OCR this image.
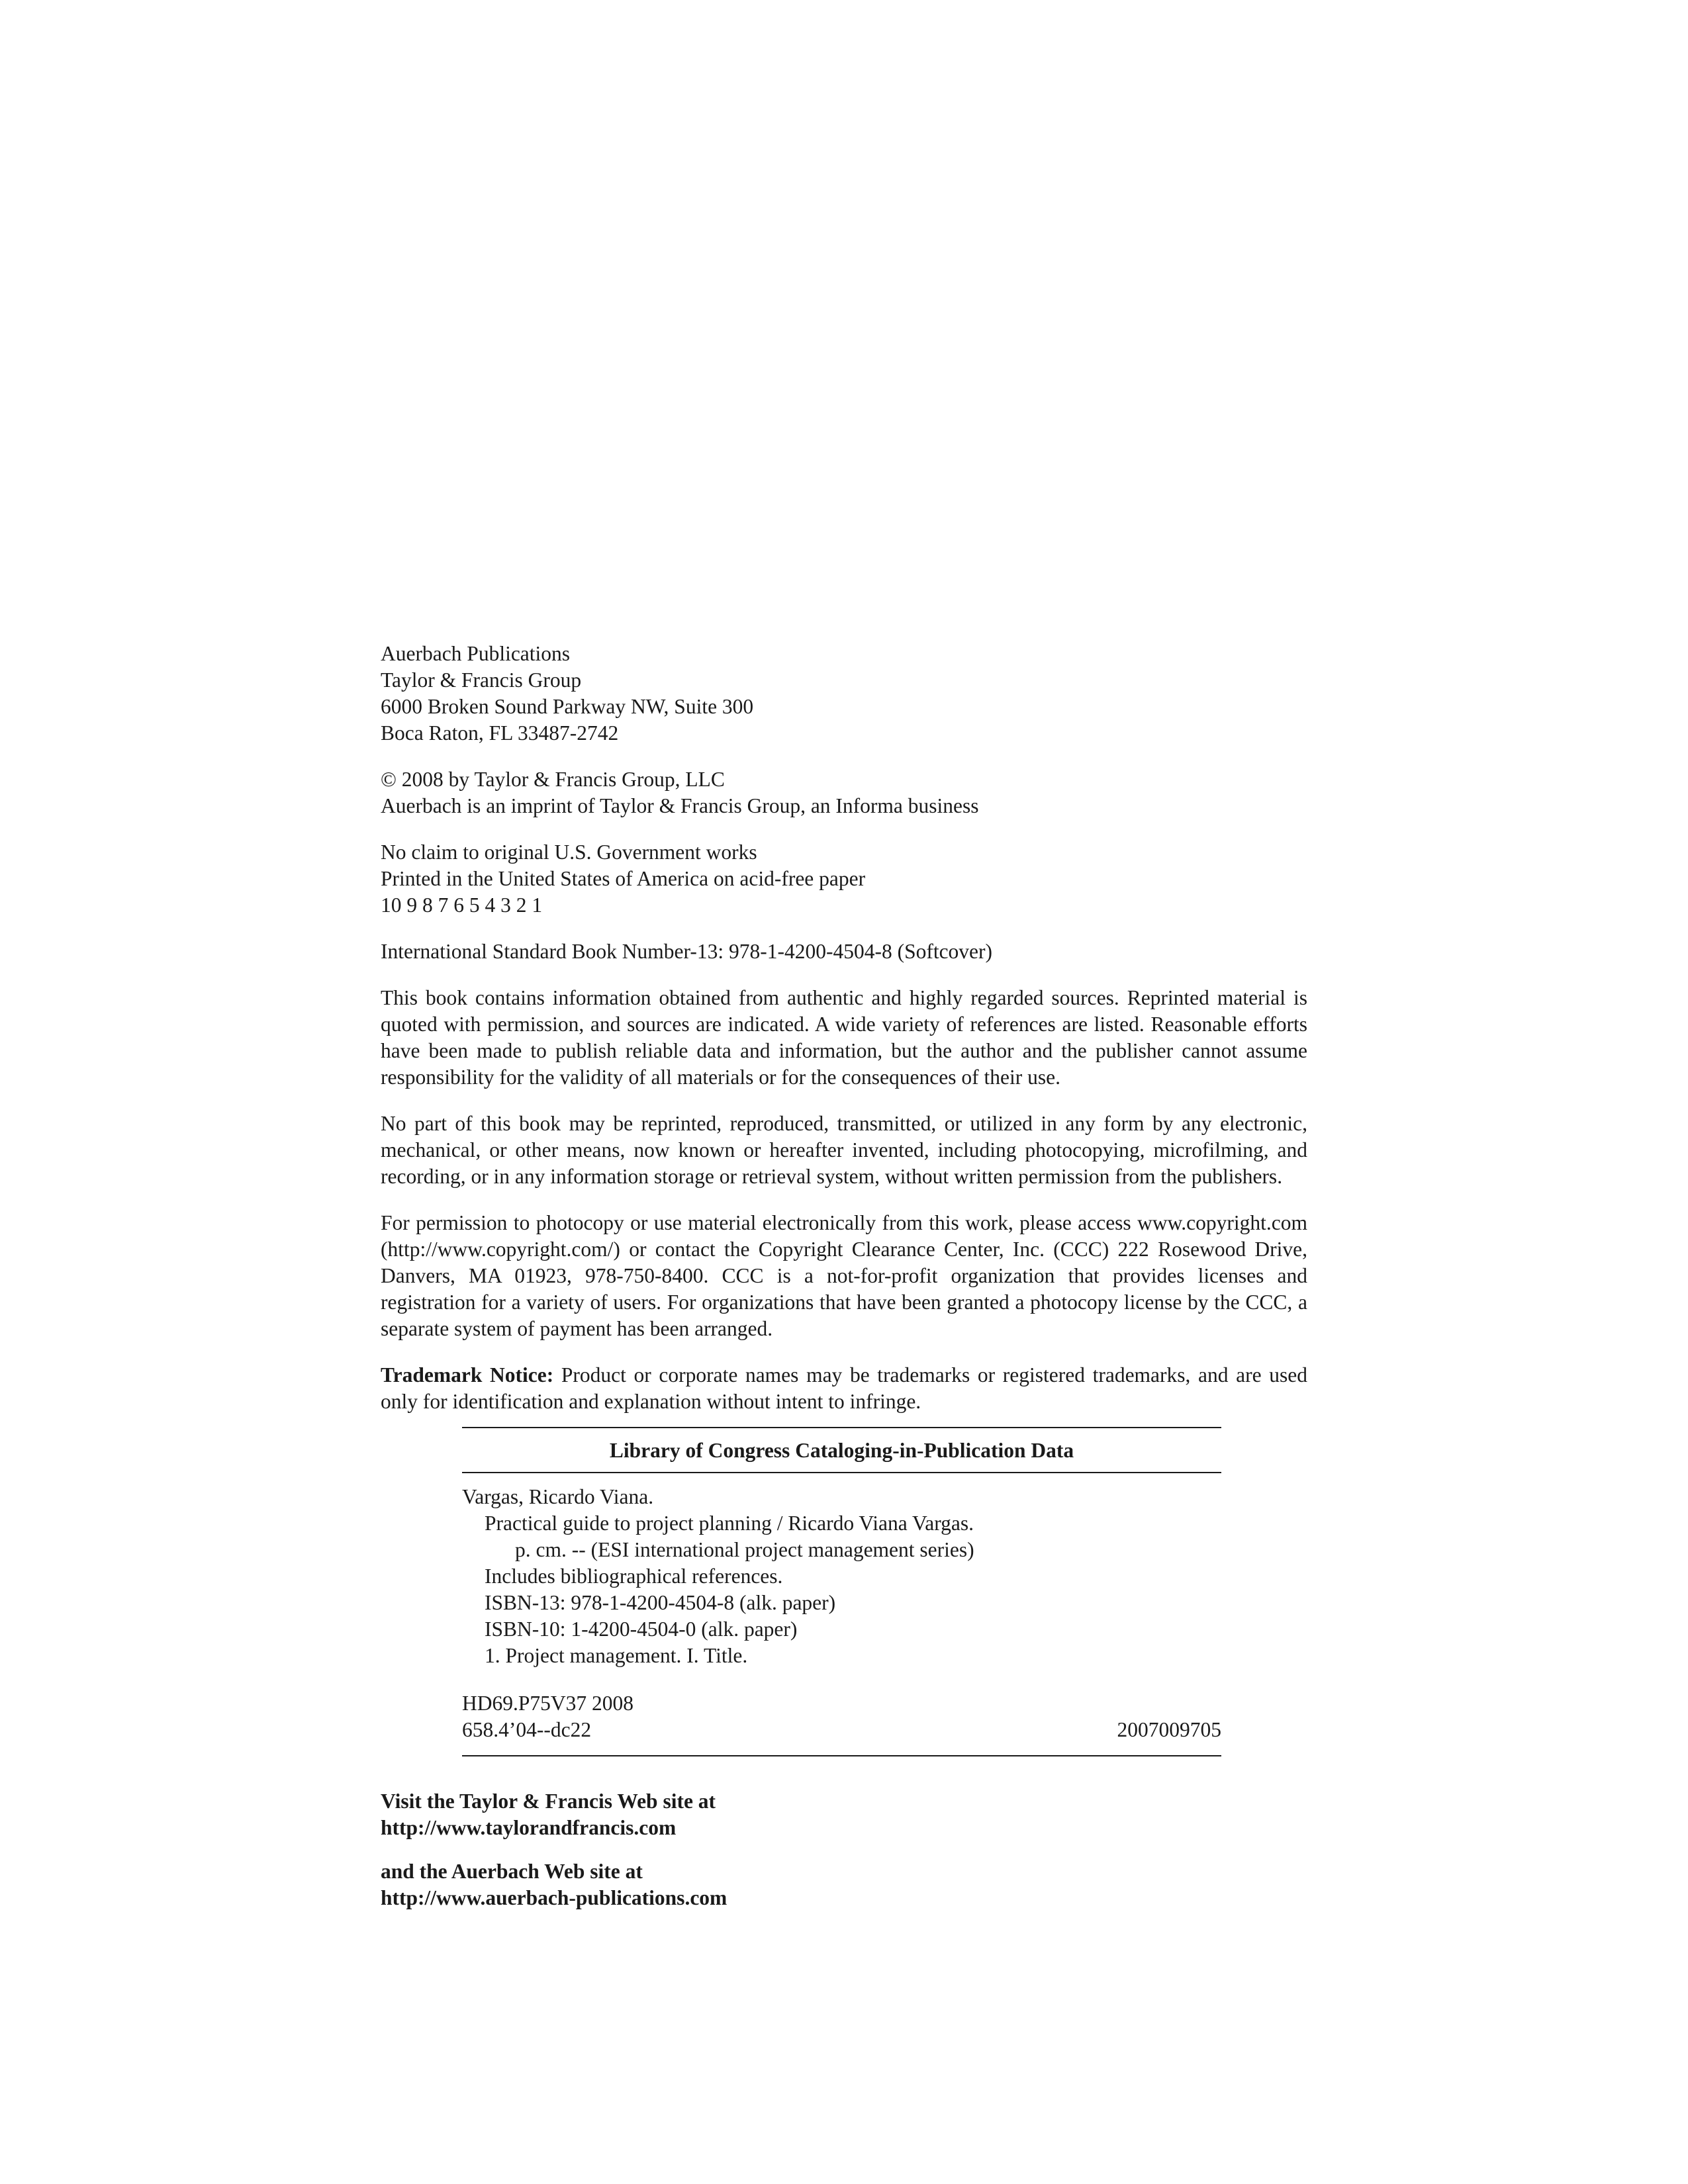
Auerbach Publications
Taylor & Francis Group
6000 Broken Sound Parkway NW, Suite 300
Boca Raton, FL 33487-2742
© 2008 by Taylor & Francis Group, LLC
Auerbach is an imprint of Taylor & Francis Group, an Informa business
No claim to original U.S. Government works
Printed in the United States of America on acid-free paper
10 9 8 7 6 5 4 3 2 1
International Standard Book Number-13: 978-1-4200-4504-8 (Softcover)

This book contains information obtained from authentic and highly regarded sources. Reprinted material is quoted with permission, and sources are indicated. A wide variety of references are listed. Reasonable efforts have been made to publish reliable data and information, but the author and the publisher cannot assume responsibility for the validity of all materials or for the consequences of their use.

No part of this book may be reprinted, reproduced, transmitted, or utilized in any form by any electronic, mechanical, or other means, now known or hereafter invented, including photocopying, microfilming, and recording, or in any information storage or retrieval system, without written permission from the publishers.

For permission to photocopy or use material electronically from this work, please access www.​copyright.com (http://www.copyright.com/) or contact the Copyright Clearance Center, Inc. (CCC) 222 Rosewood Drive, Danvers, MA 01923, 978-750-8400. CCC is a not-for-profit organization that provides licenses and registration for a variety of users. For organizations that have been granted a photocopy license by the CCC, a separate system of payment has been arranged.

Trademark Notice: Product or corporate names may be trademarks or registered trademarks, and are used only for identification and explanation without intent to infringe.

Library of Congress Cataloging-in-Publication Data
Vargas, Ricardo Viana.
Practical guide to project planning / Ricardo Viana Vargas.
p. cm. -- (ESI international project management series)
Includes bibliographical references.
ISBN-13: 978-1-4200-4504-8 (alk. paper)
ISBN-10: 1-4200-4504-0 (alk. paper)
1. Project management. I. Title.
HD69.P75V37 2008
658.4’04--dc22	2007009705
Visit the Taylor & Francis Web site at
http://www.taylorandfrancis.com
and the Auerbach Web site at
http://www.auerbach-publications.com
